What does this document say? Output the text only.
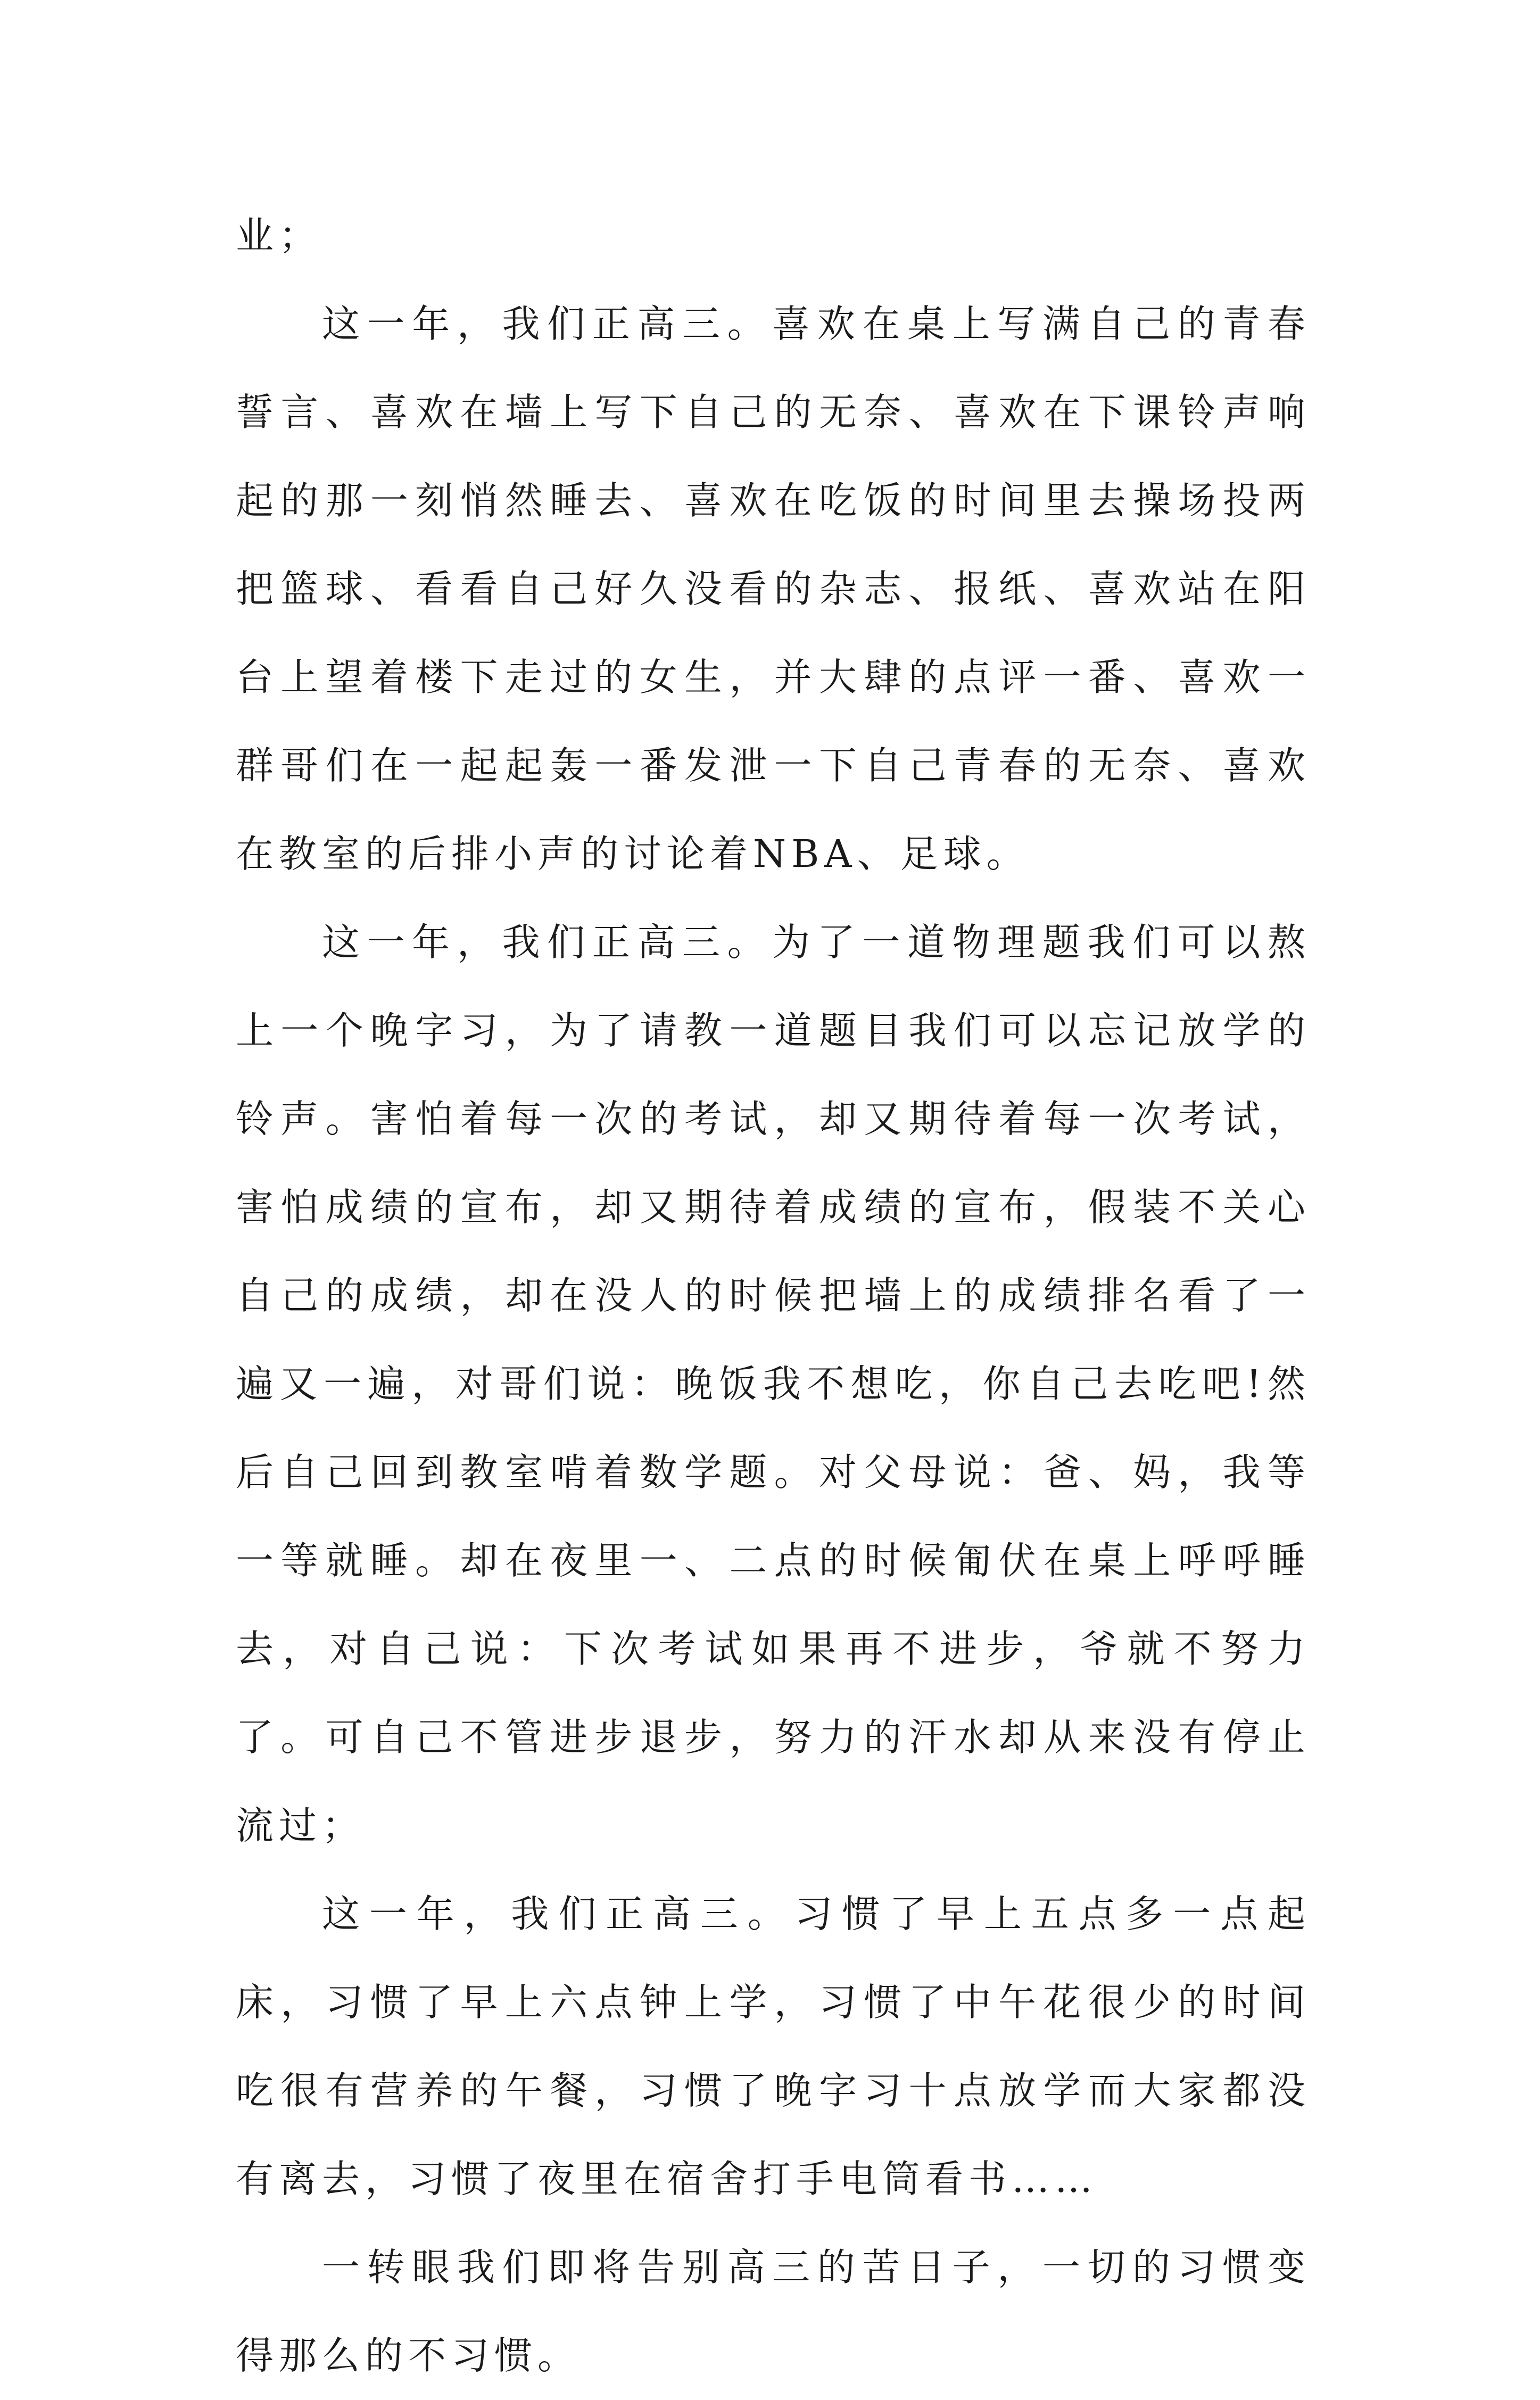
业；

这一年，我们正高三。喜欢在桌上写满自己的青春誓言、喜欢在墙上写下自己的无奈、喜欢在下课铃声响起的那一刻悄然睡去、喜欢在吃饭的时间里去操场投两把篮球、看看自己好久没看的杂志、报纸、喜欢站在阳台上望着楼下走过的女生，并大肆的点评一番、喜欢一群哥们在一起起轰一番发泄一下自己青春的无奈、喜欢在教室的后排小声的讨论着NBA、足球。

这一年，我们正高三。为了一道物理题我们可以熬上一个晚字习，为了请教一道题目我们可以忘记放学的铃声。害怕着每一次的考试，却又期待着每一次考试，害怕成绩的宣布，却又期待着成绩的宣布，假装不关心自己的成绩，却在没人的时候把墙上的成绩排名看了一遍又一遍，对哥们说：晚饭我不想吃，你自己去吃吧!然后自己回到教室啃着数学题。对父母说：爸、妈，我等一等就睡。却在夜里一、二点的时候匍伏在桌上呼呼睡去，对自己说：下次考试如果再不进步，爷就不努力了。可自己不管进步退步，努力的汗水却从来没有停止流过；

这一年，我们正高三。习惯了早上五点多一点起床，习惯了早上六点钟上学，习惯了中午花很少的时间吃很有营养的午餐，习惯了晚字习十点放学而大家都没有离去，习惯了夜里在宿舍打手电筒看书……

一转眼我们即将告别高三的苦日子，一切的习惯变得那么的不习惯。
